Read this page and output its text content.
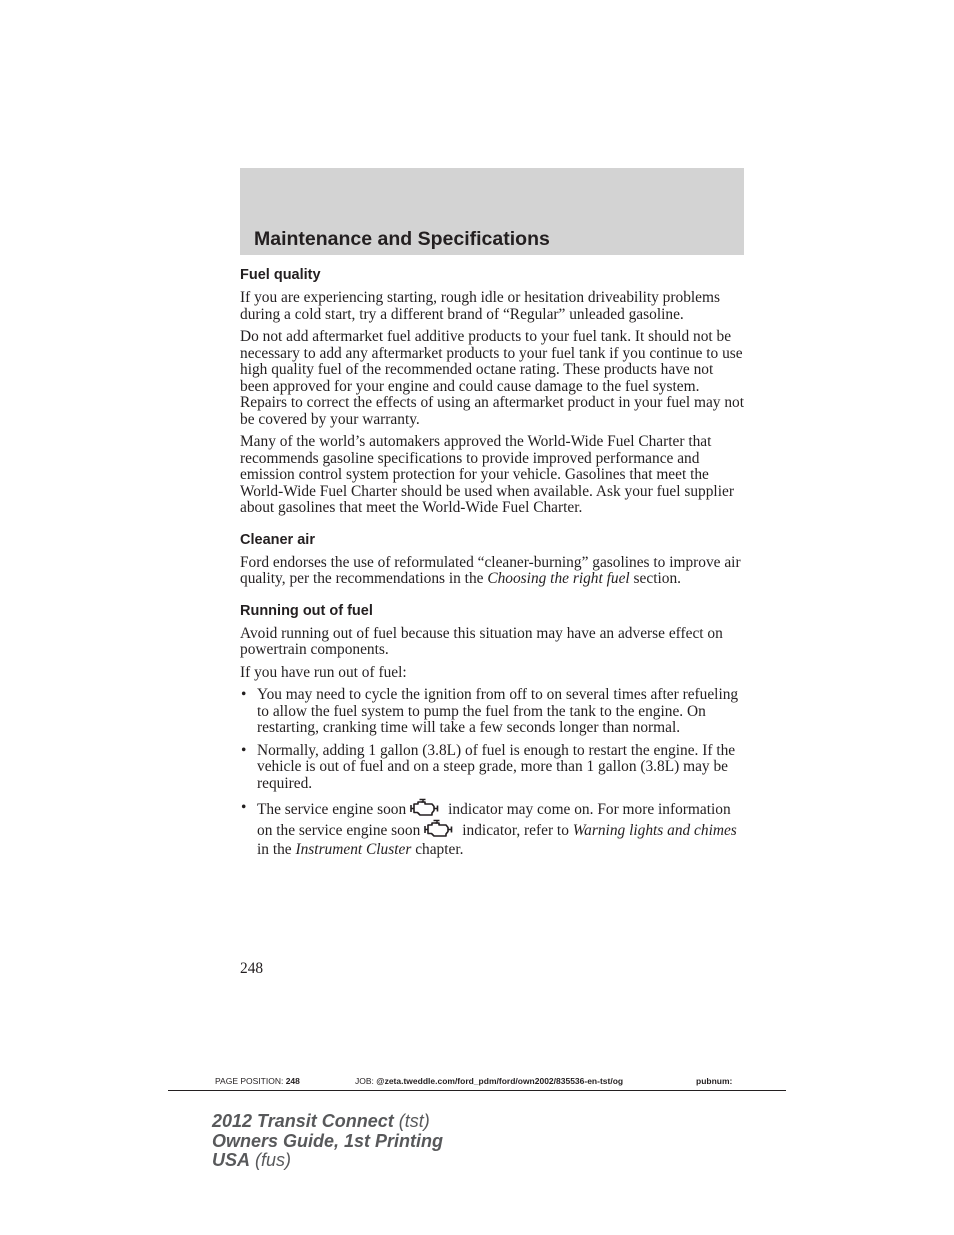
Maintenance and Specifications
Fuel quality

If you are experiencing starting, rough idle or hesitation driveability problems during a cold start, try a different brand of “Regular” unleaded gasoline.

Do not add aftermarket fuel additive products to your fuel tank. It should not be necessary to add any aftermarket products to your fuel tank if you continue to use high quality fuel of the recommended octane rating. These products have not been approved for your engine and could cause damage to the fuel system. Repairs to correct the effects of using an aftermarket product in your fuel may not be covered by your warranty.

Many of the world’s automakers approved the World-Wide Fuel Charter that recommends gasoline specifications to provide improved performance and emission control system protection for your vehicle. Gasolines that meet the World-Wide Fuel Charter should be used when available. Ask your fuel supplier about gasolines that meet the World-Wide Fuel Charter.

Cleaner air

Ford endorses the use of reformulated “cleaner-burning” gasolines to improve air quality, per the recommendations in the Choosing the right fuel section.

Running out of fuel

Avoid running out of fuel because this situation may have an adverse effect on powertrain components.

If you have run out of fuel:

• You may need to cycle the ignition from off to on several times after refueling to allow the fuel system to pump the fuel from the tank to the engine. On restarting, cranking time will take a few seconds longer than normal.
• Normally, adding 1 gallon (3.8L) of fuel is enough to restart the engine. If the vehicle is out of fuel and on a steep grade, more than 1 gallon (3.8L) may be required.
• The service engine soon	indicator may come on. For more information on the service engine soon	indicator, refer to Warning lights and chimes in the Instrument Cluster chapter.
248
PAGE POSITION: 248	JOB: @zeta.tweddle.com/ford_pdm/ford/own2002/835536-en-tst/og	pubnum:
2012 Transit Connect (tst)
Owners Guide, 1st Printing
USA (fus)
